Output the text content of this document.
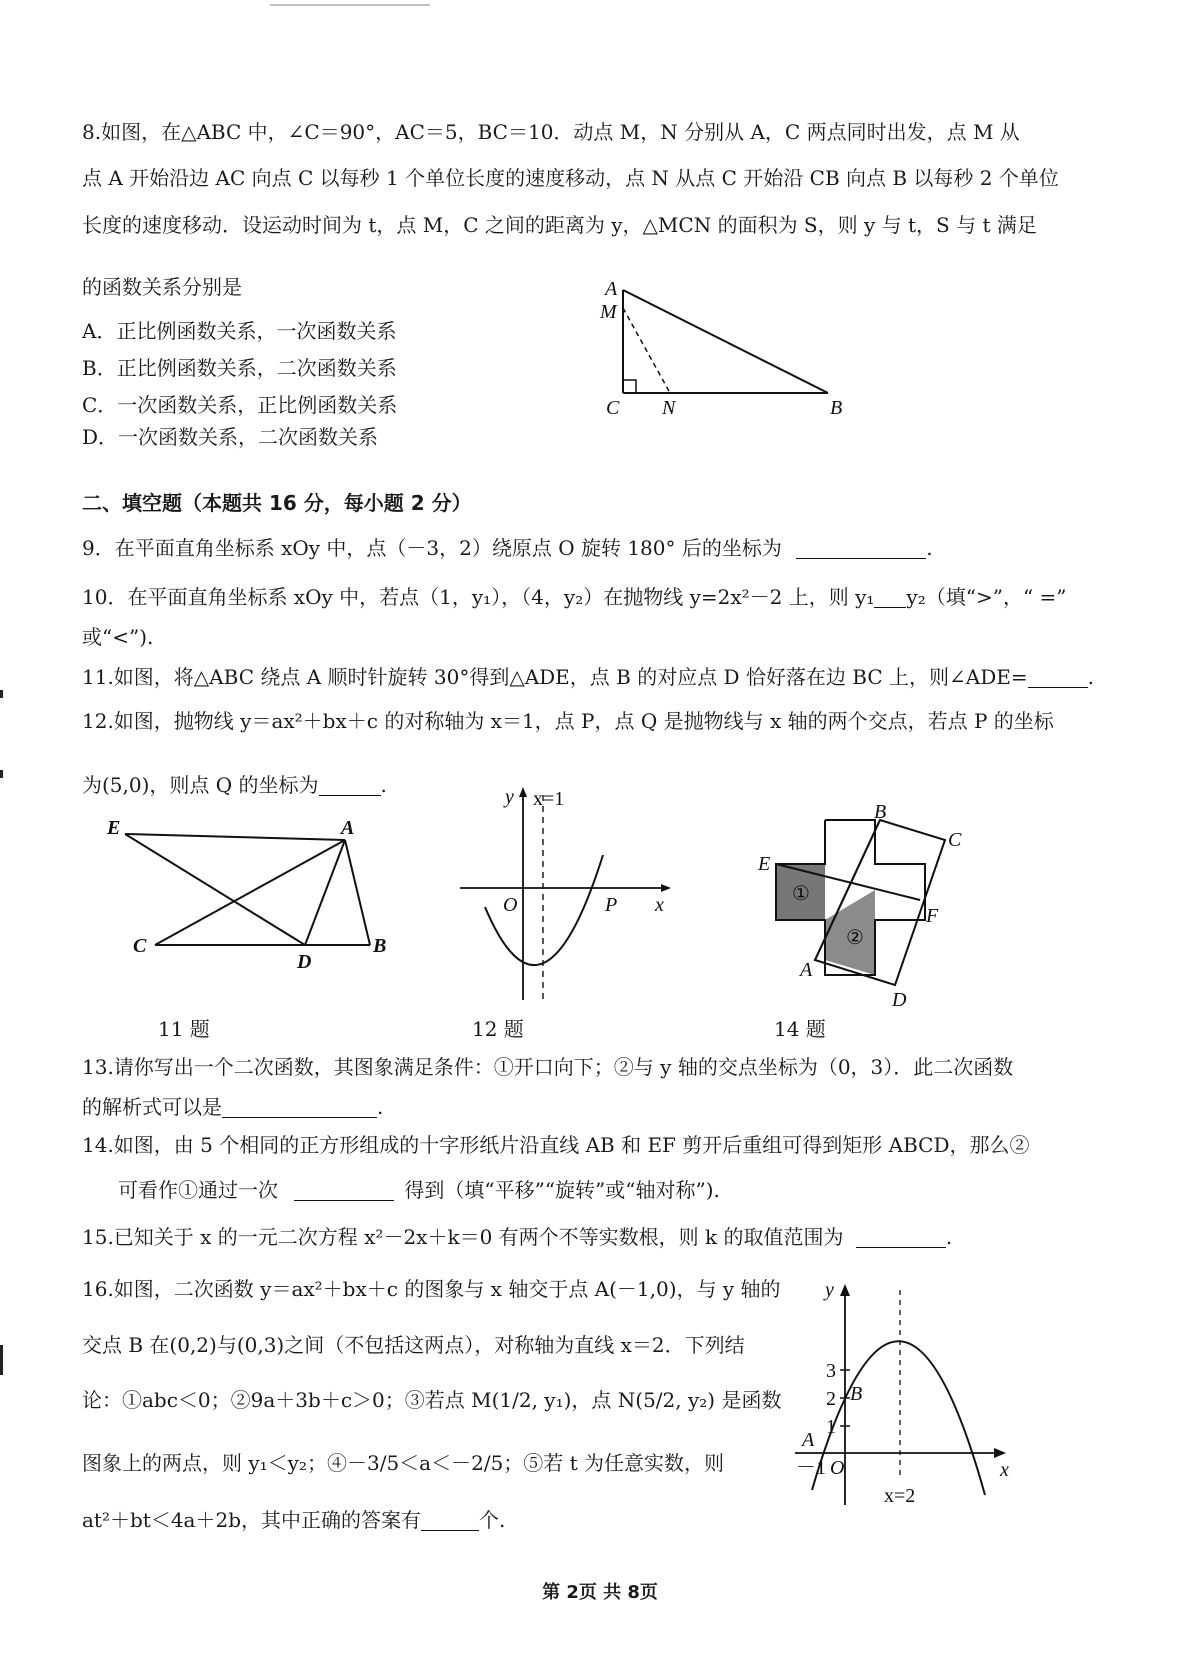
8.如图，在△ABC 中，∠C＝90°，AC＝5，BC＝10．动点 M，N 分别从 A，C 两点同时出发，点 M 从
点 A 开始沿边 AC 向点 C 以每秒 1 个单位长度的速度移动，点 N 从点 C 开始沿 CB 向点 B 以每秒 2 个单位
长度的速度移动．设运动时间为 t，点 M，C 之间的距离为 y，△MCN 的面积为 S，则 y 与 t，S 与 t 满足
的函数关系分别是
A．正比例函数关系，一次函数关系
B．正比例函数关系，二次函数关系
C．一次函数关系，正比例函数关系
D．一次函数关系，二次函数关系
A
M
C N	B
二、填空题（本题共 16 分，每小题 2 分）
9．在平面直角坐标系 xOy 中，点（－3，2）绕原点 O 旋转 180° 后的坐标为	.
10．在平面直角坐标系 xOy 中，若点（1，y₁），（4，y₂）在抛物线 y=2x²－2 上，则 y₁ y₂（填“>”，“ =”
或“<”).
11.如图，将△ABC 绕点 A 顺时针旋转 30°得到△ADE，点 B 的对应点 D 恰好落在边 BC 上，则∠ADE=	.
12.如图，抛物线 y＝ax²＋bx＋c 的对称轴为 x＝1，点 P，点 Q 是抛物线与 x 轴的两个交点，若点 P 的坐标
为(5,0)，则点 Q 的坐标为	.
E	A
C
D
B
11 题
y x=1
O	P x
12 题
B
C
E
F
A
D
①
②
14 题
13.请你写出一个二次函数，其图象满足条件：①开口向下；②与 y 轴的交点坐标为（0，3）．此二次函数
的解析式可以是	.
14.如图，由 5 个相同的正方形组成的十字形纸片沿直线 AB 和 EF 剪开后重组可得到矩形 ABCD，那么②
可看作①通过一次	得到（填“平移”“旋转”或“轴对称”).
15.已知关于 x 的一元二次方程 x²－2x＋k＝0 有两个不等实数根，则 k 的取值范围为	.
16.如图，二次函数 y＝ax²＋bx＋c 的图象与 x 轴交于点 A(－1,0)，与 y 轴的
交点 B 在(0,2)与(0,3)之间（不包括这两点），对称轴为直线 x＝2．下列结
论：①abc＜0；②9a＋3b＋c＞0；③若点 M(1/2, y₁)，点 N(5/2, y₂) 是函数
图象上的两点，则 y₁＜y₂；④－3/5＜a＜－2/5；⑤若 t 为任意实数，则
at²＋bt＜4a＋2b，其中正确的答案有	个.
y
x
3
2
1
－1 O
A
B
x=2
第 2页 共 8页
